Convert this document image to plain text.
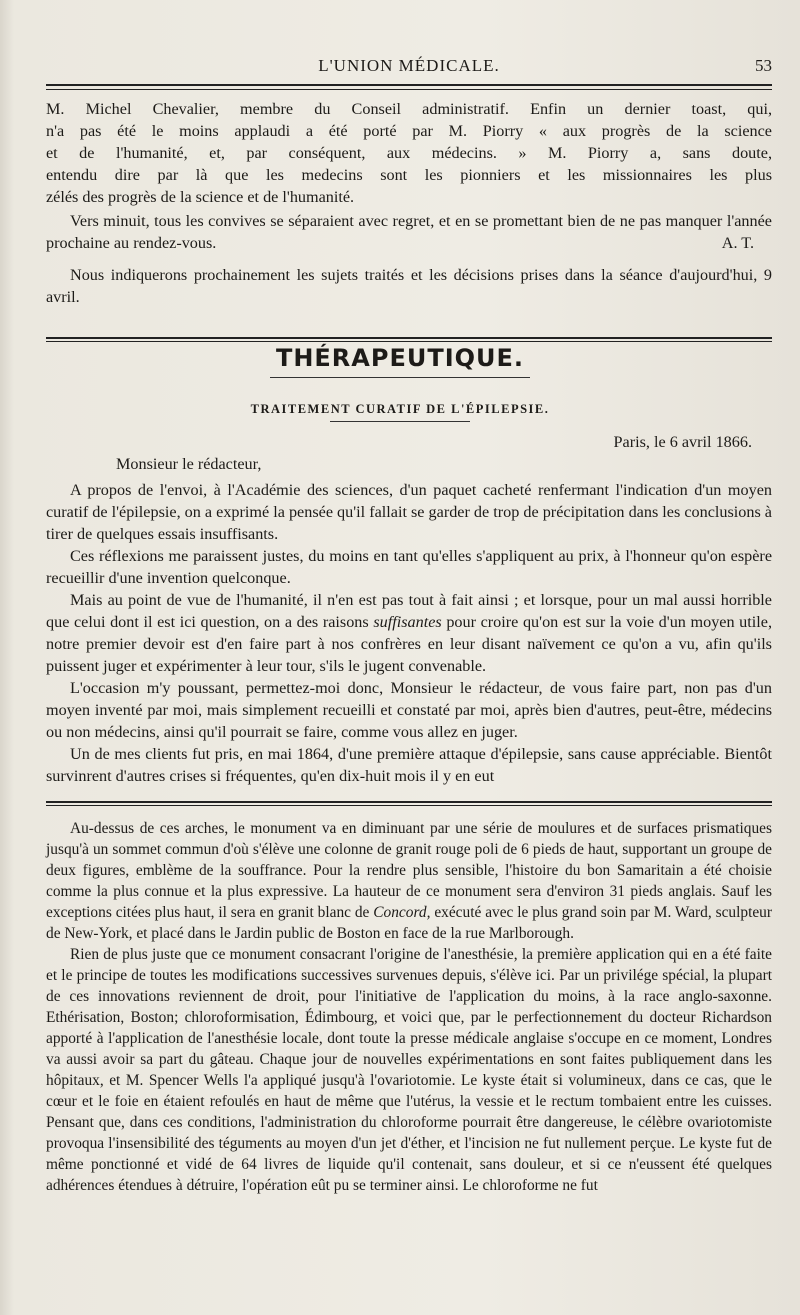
L'UNION MÉDICALE.	53
M. Michel Chevalier, membre du Conseil administratif. Enfin un dernier toast, qui,
n'a pas été le moins applaudi a été porté par M. Piorry « aux progrès de la science
et de l'humanité, et, par conséquent, aux médecins. » M. Piorry a, sans doute,
entendu dire par là que les medecins sont les pionniers et les missionnaires les plus
zélés des progrès de la science et de l'humanité.

Vers minuit, tous les convives se séparaient avec regret, et en se promettant bien de ne pas manquer l'année prochaine au rendez-vous.	A. T.

Nous indiquerons prochainement les sujets traités et les décisions prises dans la séance d'aujourd'hui, 9 avril.

THÉRAPEUTIQUE.
TRAITEMENT CURATIF DE L'ÉPILEPSIE.
Paris, le 6 avril 1866.
Monsieur le rédacteur,

A propos de l'envoi, à l'Académie des sciences, d'un paquet cacheté renfermant l'indication d'un moyen curatif de l'épilepsie, on a exprimé la pensée qu'il fallait se garder de trop de précipitation dans les conclusions à tirer de quelques essais insuffisants.

Ces réflexions me paraissent justes, du moins en tant qu'elles s'appliquent au prix, à l'honneur qu'on espère recueillir d'une invention quelconque.

Mais au point de vue de l'humanité, il n'en est pas tout à fait ainsi ; et lorsque, pour un mal aussi horrible que celui dont il est ici question, on a des raisons suffisantes pour croire qu'on est sur la voie d'un moyen utile, notre premier devoir est d'en faire part à nos confrères en leur disant naïvement ce qu'on a vu, afin qu'ils puissent juger et expérimenter à leur tour, s'ils le jugent convenable.

L'occasion m'y poussant, permettez-moi donc, Monsieur le rédacteur, de vous faire part, non pas d'un moyen inventé par moi, mais simplement recueilli et constaté par moi, après bien d'autres, peut-être, médecins ou non médecins, ainsi qu'il pourrait se faire, comme vous allez en juger.

Un de mes clients fut pris, en mai 1864, d'une première attaque d'épilepsie, sans cause appréciable. Bientôt survinrent d'autres crises si fréquentes, qu'en dix-huit mois il y en eut

Au-dessus de ces arches, le monument va en diminuant par une série de moulures et de surfaces prismatiques jusqu'à un sommet commun d'où s'élève une colonne de granit rouge poli de 6 pieds de haut, supportant un groupe de deux figures, emblème de la souffrance. Pour la rendre plus sensible, l'histoire du bon Samaritain a été choisie comme la plus connue et la plus expressive. La hauteur de ce monument sera d'environ 31 pieds anglais. Sauf les exceptions citées plus haut, il sera en granit blanc de Concord, exécuté avec le plus grand soin par M. Ward, sculpteur de New-York, et placé dans le Jardin public de Boston en face de la rue Marlborough.

Rien de plus juste que ce monument consacrant l'origine de l'anesthésie, la première application qui en a été faite et le principe de toutes les modifications successives survenues depuis, s'élève ici. Par un privilége spécial, la plupart de ces innovations reviennent de droit, pour l'initiative de l'application du moins, à la race anglo-saxonne. Ethérisation, Boston; chloroformisation, Édimbourg, et voici que, par le perfectionnement du docteur Richardson apporté à l'application de l'anesthésie locale, dont toute la presse médicale anglaise s'occupe en ce moment, Londres va aussi avoir sa part du gâteau. Chaque jour de nouvelles expérimentations en sont faites publiquement dans les hôpitaux, et M. Spencer Wells l'a appliqué jusqu'à l'ovariotomie. Le kyste était si volumineux, dans ce cas, que le cœur et le foie en étaient refoulés en haut de même que l'utérus, la vessie et le rectum tombaient entre les cuisses. Pensant que, dans ces conditions, l'administration du chloroforme pourrait être dangereuse, le célèbre ovariotomiste provoqua l'insensibilité des téguments au moyen d'un jet d'éther, et l'incision ne fut nullement perçue. Le kyste fut de même ponctionné et vidé de 64 livres de liquide qu'il contenait, sans douleur, et si ce n'eussent été quelques adhérences étendues à détruire, l'opération eût pu se terminer ainsi. Le chloroforme ne fut
